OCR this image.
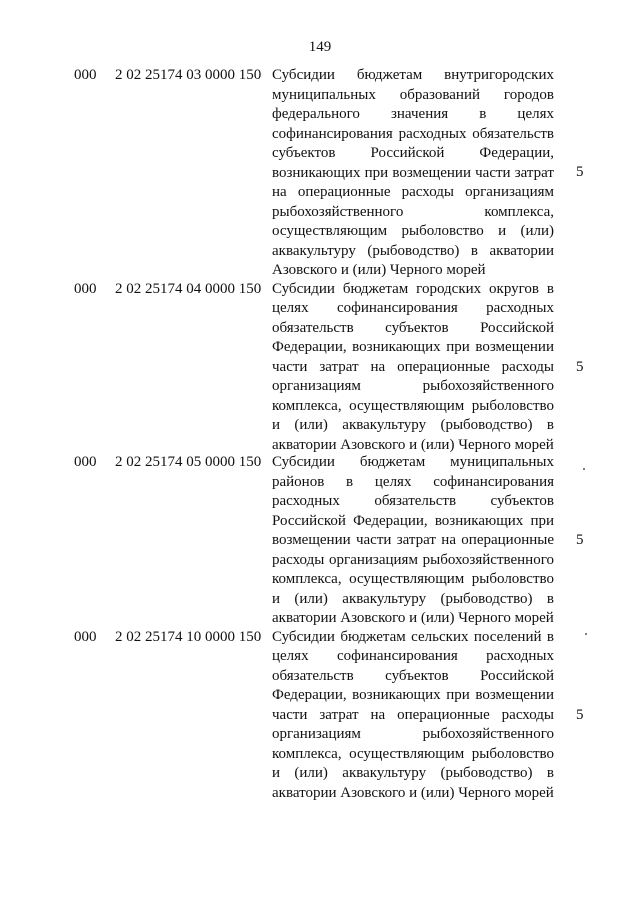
149
000 2 02 25174 03 0000 150 Субсидии бюджетам внутригородских муниципальных образований городов федерального значения в целях софинансирования расходных обязательств субъектов Российской Федерации, возникающих при возмещении части затрат на операционные расходы организациям рыбохозяйственного комплекса, осуществляющим рыболовство и (или) аквакультуру (рыбоводство) в акватории Азовского и (или) Черного морей
5
000 2 02 25174 04 0000 150 Субсидии бюджетам городских округов в целях софинансирования расходных обязательств субъектов Российской Федерации, возникающих при возмещении части затрат на операционные расходы организациям рыбохозяйственного комплекса, осуществляющим рыболовство и (или) аквакультуру (рыбоводство) в акватории Азовского и (или) Черного морей
5
000 2 02 25174 05 0000 150 Субсидии бюджетам муниципальных районов в целях софинансирования расходных обязательств субъектов Российской Федерации, возникающих при возмещении части затрат на операционные расходы организациям рыбохозяйственного комплекса, осуществляющим рыболовство и (или) аквакультуру (рыбоводство) в акватории Азовского и (или) Черного морей
5
000 2 02 25174 10 0000 150 Субсидии бюджетам сельских поселений в целях софинансирования расходных обязательств субъектов Российской Федерации, возникающих при возмещении части затрат на операционные расходы организациям рыбохозяйственного комплекса, осуществляющим рыболовство и (или) аквакультуру (рыбоводство) в акватории Азовского и (или) Черного морей
5
